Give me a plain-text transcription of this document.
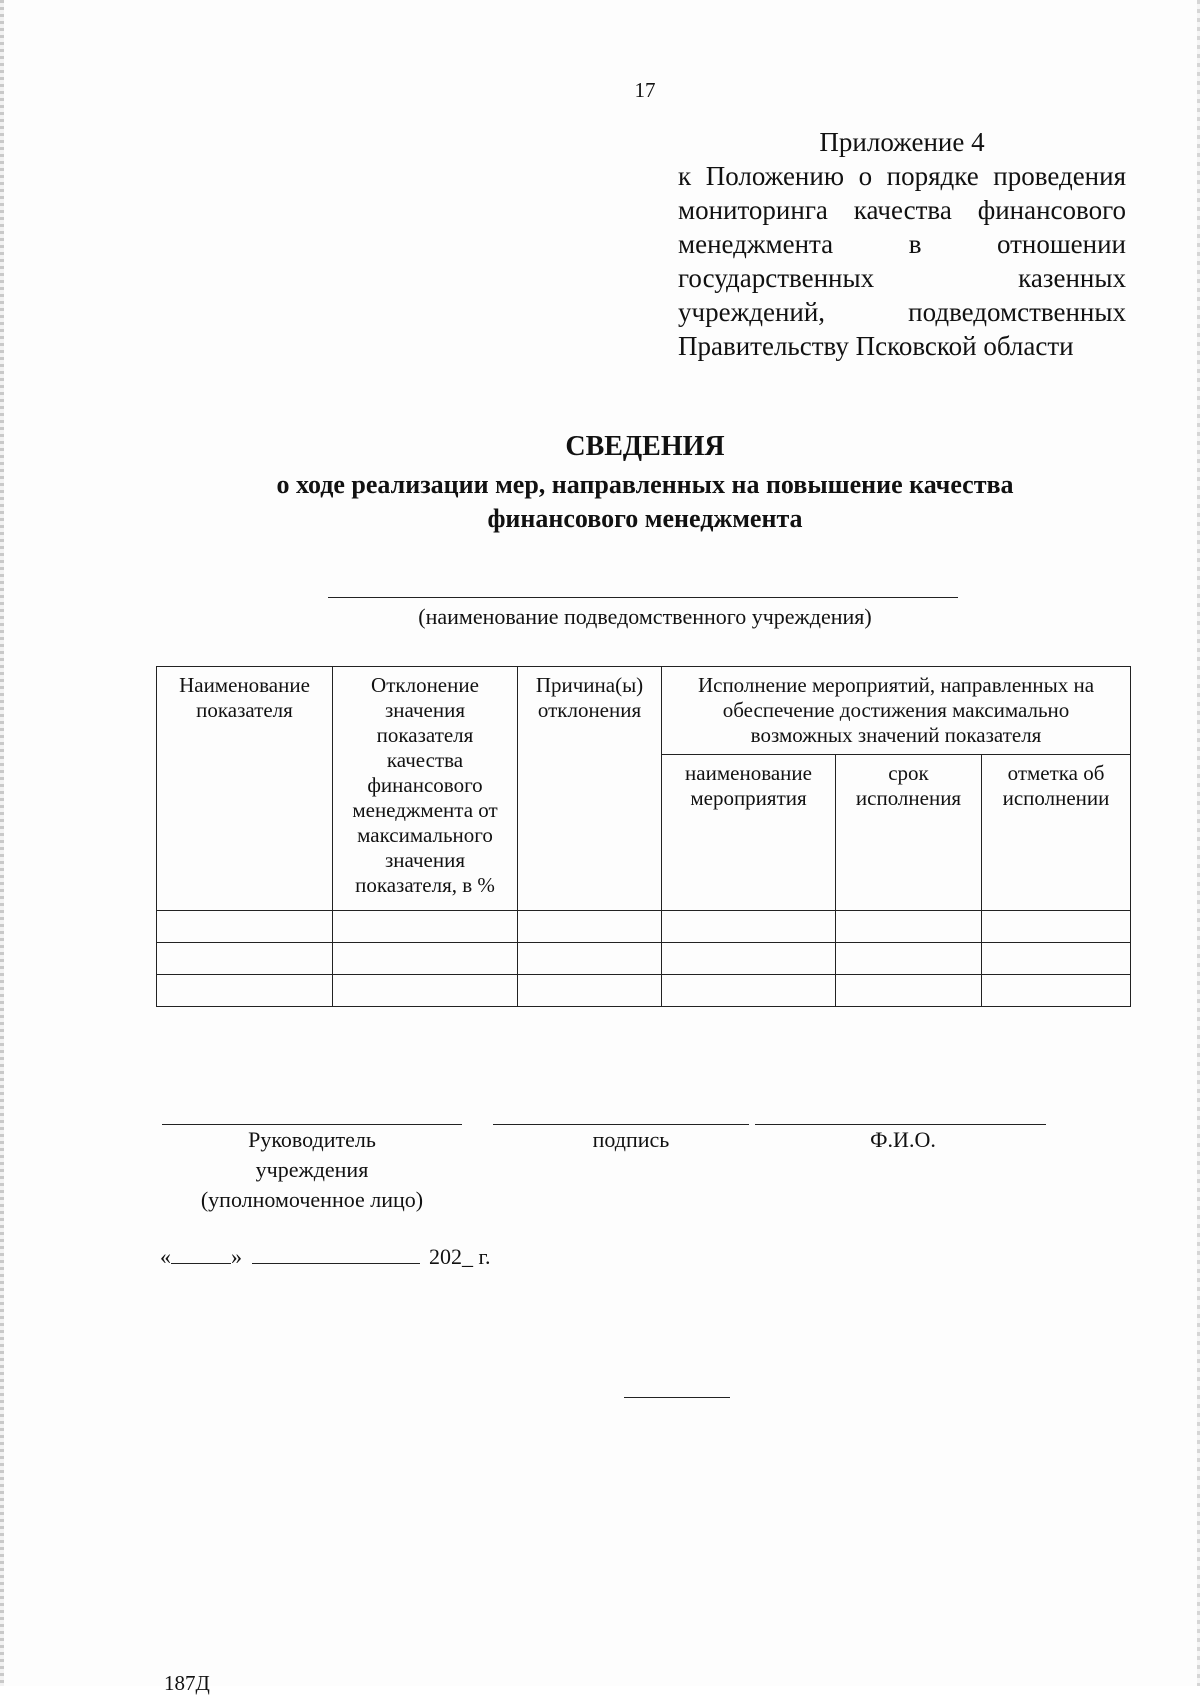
17
Приложение 4
к Положению о порядке проведения
мониторинга качества финансового
менеджмента в отношении
государственных казенных
учреждений, подведомственных
Правительству Псковской области
СВЕДЕНИЯ
о ходе реализации мер, направленных на повышение качества
финансового менеджмента
(наименование подведомственного учреждения)
Наименование показателя	Отклонение значения показателя качества финансового менеджмента от максимального значения показателя, в %	Причина(ы) отклонения	Исполнение мероприятий, направленных на обеспечение достижения максимально возможных значений показателя		
			наименование мероприятия	срок исполнения	отметка об исполнении

Руководитель
учреждения
(уполномоченное лицо)
подпись	Ф.И.О.
«	»	202_ г.
187Д
